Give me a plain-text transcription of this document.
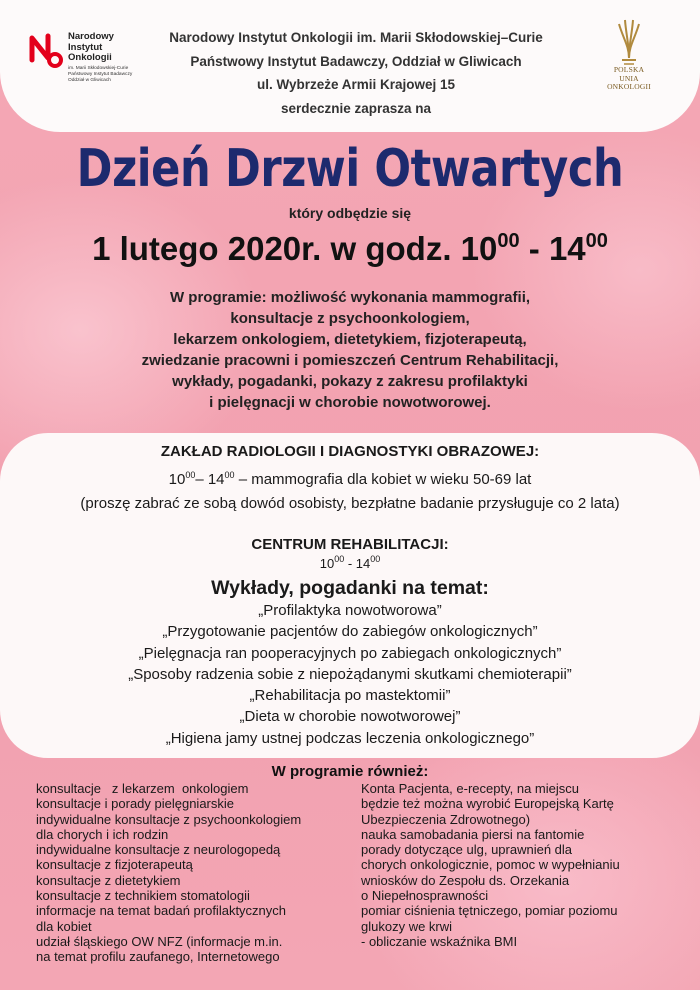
Narodowy
Instytut
Onkologii
im. Marii Skłodowskiej-Curie
Państwowy Instytut Badawczy
Oddział w Gliwicach
Narodowy Instytut Onkologii im. Marii Skłodowskiej–Curie
Państwowy Instytut Badawczy, Oddział w Gliwicach
ul. Wybrzeże Armii Krajowej 15
serdecznie zaprasza na
POLSKA
UNIA
ONKOLOGII
Dzień Drzwi Otwartych
który odbędzie się
1 lutego 2020r. w godz. $10^{00} - 14^{00}$
W programie: możliwość wykonania mammografii,
konsultacje z psychoonkologiem,
lekarzem onkologiem, dietetykiem, fizjoterapeutą,
zwiedzanie pracowni i pomieszczeń Centrum Rehabilitacji,
wykłady, pogadanki, pokazy z zakresu profilaktyki
i pielęgnacji w chorobie nowotworowej.
ZAKŁAD RADIOLOGII I DIAGNOSTYKI OBRAZOWEJ:
$10^{00}-$ $14^{00}$ – mammografia dla kobiet w wieku 50-69 lat
(proszę zabrać ze sobą dowód osobisty, bezpłatne badanie przysługuje co 2 lata)
CENTRUM REHABILITACJI:
$10^{00} - 14^{00}$
Wykłady, pogadanki na temat:
„Profilaktyka nowotworowa”
„Przygotowanie pacjentów do zabiegów onkologicznych”
„Pielęgnacja ran pooperacyjnych po zabiegach onkologicznych”
„Sposoby radzenia sobie z niepożądanymi skutkami chemioterapii”
„Rehabilitacja po mastektomii”
„Dieta w chorobie nowotworowej”
„Higiena jamy ustnej podczas leczenia onkologicznego”
W programie również:
konsultacje   z lekarzem  onkologiem
konsultacje i porady pielęgniarskie
indywidualne konsultacje z psychoonkologiem
dla chorych i ich rodzin
indywidualne konsultacje z neurologopedą
konsultacje z fizjoterapeutą
konsultacje z dietetykiem
konsultacje z technikiem stomatologii
informacje na temat badań profilaktycznych
dla kobiet
udział śląskiego OW NFZ (informacje m.in.
na temat profilu zaufanego, Internetowego
Konta Pacjenta, e-recepty, na miejscu
będzie też można wyrobić Europejską Kartę
Ubezpieczenia Zdrowotnego)
nauka samobadania piersi na fantomie
porady dotyczące ulg, uprawnień dla
chorych onkologicznie, pomoc w wypełnianiu
wniosków do Zespołu ds. Orzekania
o Niepełnosprawności
pomiar ciśnienia tętniczego, pomiar poziomu
glukozy we krwi
- obliczanie wskaźnika BMI
